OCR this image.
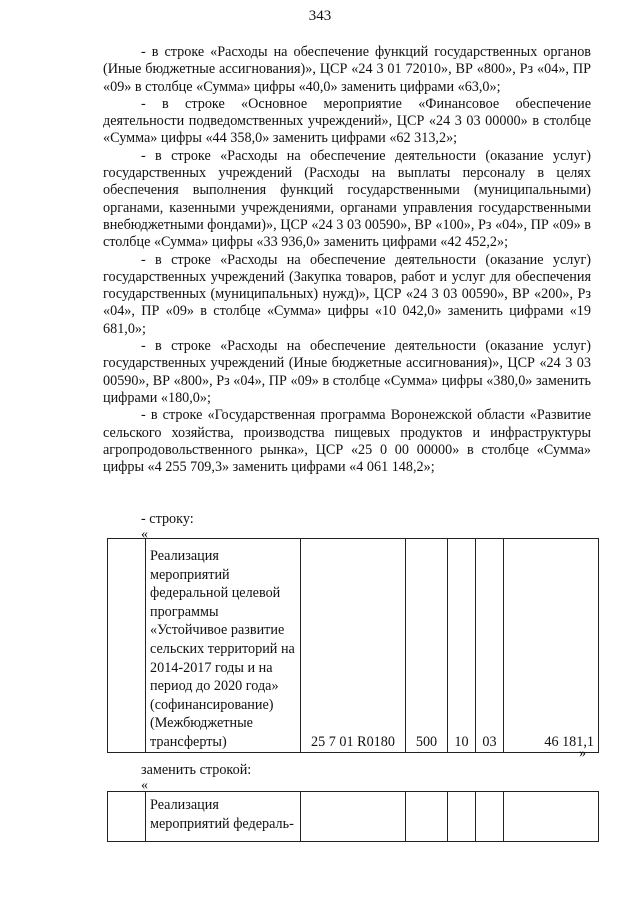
343

- в строке «Расходы на обеспечение функций государственных органов (Иные бюджетные ассигнования)», ЦСР «24 3 01 72010», ВР «800», Рз «04», ПР «09» в столбце «Сумма» цифры «40,0» заменить цифрами «63,0»;

- в строке «Основное мероприятие «Финансовое обеспечение деятельности подведомственных учреждений», ЦСР «24 3 03 00000» в столбце «Сумма» цифры «44 358,0» заменить цифрами «62 313,2»;

- в строке «Расходы на обеспечение деятельности (оказание услуг) государственных учреждений (Расходы на выплаты персоналу в целях обеспечения выполнения функций государственными (муниципальными) органами, казенными учреждениями, органами управления государственными внебюджетными фондами)», ЦСР «24 3 03 00590», ВР «100», Рз «04», ПР «09» в столбце «Сумма» цифры «33 936,0» заменить цифрами «42 452,2»;

- в строке «Расходы на обеспечение деятельности (оказание услуг) государственных учреждений (Закупка товаров, работ и услуг для обеспечения государственных (муниципальных) нужд)», ЦСР «24 3 03 00590», ВР «200», Рз «04», ПР «09» в столбце «Сумма» цифры «10 042,0» заменить цифрами «19 681,0»;

- в строке «Расходы на обеспечение деятельности (оказание услуг) государственных учреждений (Иные бюджетные ассигнования)», ЦСР «24 3 03 00590», ВР «800», Рз «04», ПР «09» в столбце «Сумма» цифры «380,0» заменить цифрами «180,0»;

- в строке «Государственная программа Воронежской области «Развитие сельского хозяйства, производства пищевых продуктов и инфраструктуры агропродовольственного рынка», ЦСР «25 0 00 00000» в столбце «Сумма» цифры «4 255 709,3» заменить цифрами «4 061 148,2»;

- строку:
«
	Реализация мероприятий федеральной целевой программы «Устойчивое развитие сельских территорий на 2014-2017 годы и на период до 2020 года» (софинансирование) (Межбюджетные трансферты)	25 7 01 R0180	500	10	03	46 181,1
»
заменить строкой:
«
	Реализация мероприятий федераль-					
